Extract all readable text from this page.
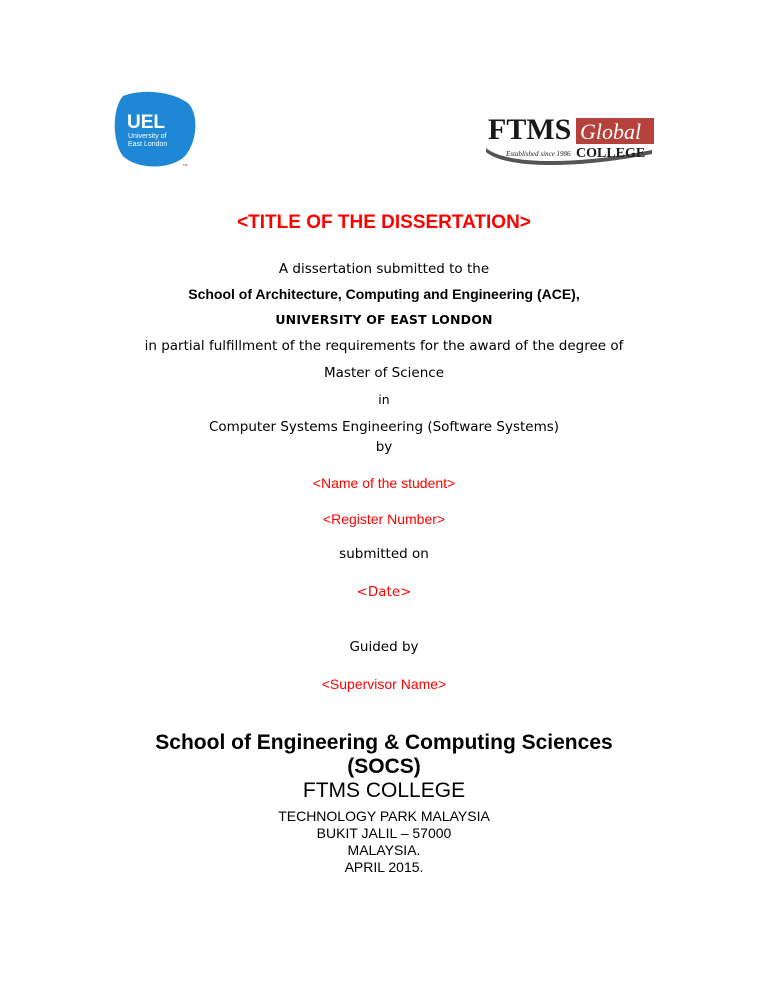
UEL
University of
East London
TM
FTMS Global
Established since 1986 COLLEGE
<TITLE OF THE DISSERTATION>
A dissertation submitted to the
School of Architecture, Computing and Engineering (ACE),
UNIVERSITY OF EAST LONDON
in partial fulfillment of the requirements for the award of the degree of
Master of Science
in
Computer Systems Engineering (Software Systems)
by
<Name of the student>
<Register Number>
submitted on
<Date>
Guided by
<Supervisor Name>
School of Engineering & Computing Sciences
(SOCS)
FTMS COLLEGE
TECHNOLOGY PARK MALAYSIA
BUKIT JALIL – 57000
MALAYSIA.
APRIL 2015.
